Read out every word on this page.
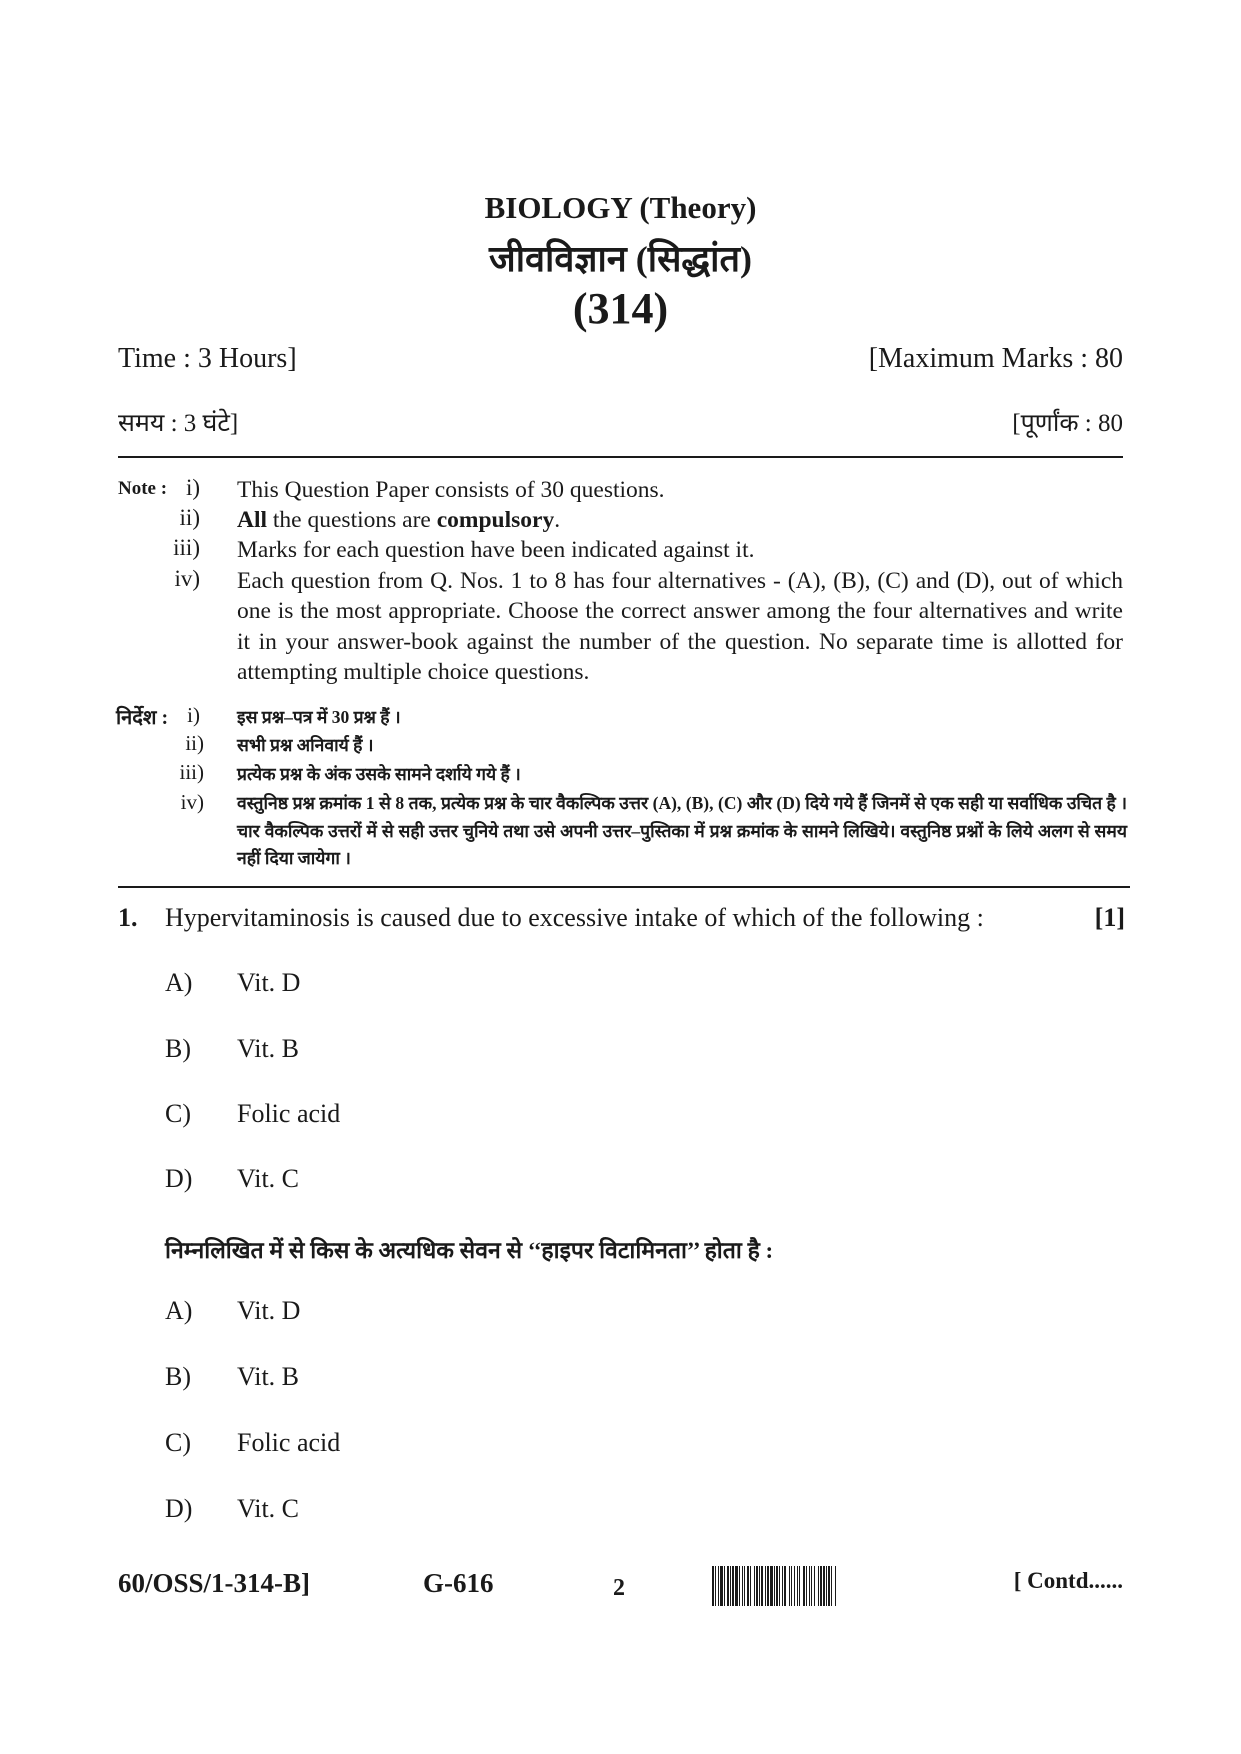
BIOLOGY (Theory)
जीवविज्ञान (सिद्धांत)
(314)
Time : 3 Hours]	[Maximum Marks : 80
समय : 3 घंटे]	[पूर्णांक : 80
Note : i) This Question Paper consists of 30 questions.
ii) All the questions are compulsory.
iii) Marks for each question have been indicated against it.
iv) Each question from Q. Nos. 1 to 8 has four alternatives - (A), (B), (C) and (D), out of which one is the most appropriate. Choose the correct answer among the four alternatives and write it in your answer-book against the number of the question. No separate time is allotted for attempting multiple choice questions.
निर्देश : i) इस प्रश्न–पत्र में 30 प्रश्न हैं ।
ii) सभी प्रश्न अनिवार्य हैं ।
iii) प्रत्येक प्रश्न के अंक उसके सामने दर्शाये गये हैं ।
iv) वस्तुनिष्ठ प्रश्न क्रमांक 1 से 8 तक, प्रत्येक प्रश्न के चार वैकल्पिक उत्तर (A), (B), (C) और (D) दिये गये हैं जिनमें से एक सही या सर्वाधिक उचित है । चार वैकल्पिक उत्तरों में से सही उत्तर चुनिये तथा उसे अपनी उत्तर–पुस्तिका में प्रश्न क्रमांक के सामने लिखिये। वस्तुनिष्ठ प्रश्नों के लिये अलग से समय नहीं दिया जायेगा ।
1. Hypervitaminosis is caused due to excessive intake of which of the following :	[1]
A) Vit. D
B) Vit. B
C) Folic acid
D) Vit. C
निम्नलिखित में से किस के अत्यधिक सेवन से ‘‘हाइपर विटामिनता’’ होता है :
A) Vit. D
B) Vit. B
C) Folic acid
D) Vit. C
60/OSS/1-314-B]	G-616	2	[ Contd......
